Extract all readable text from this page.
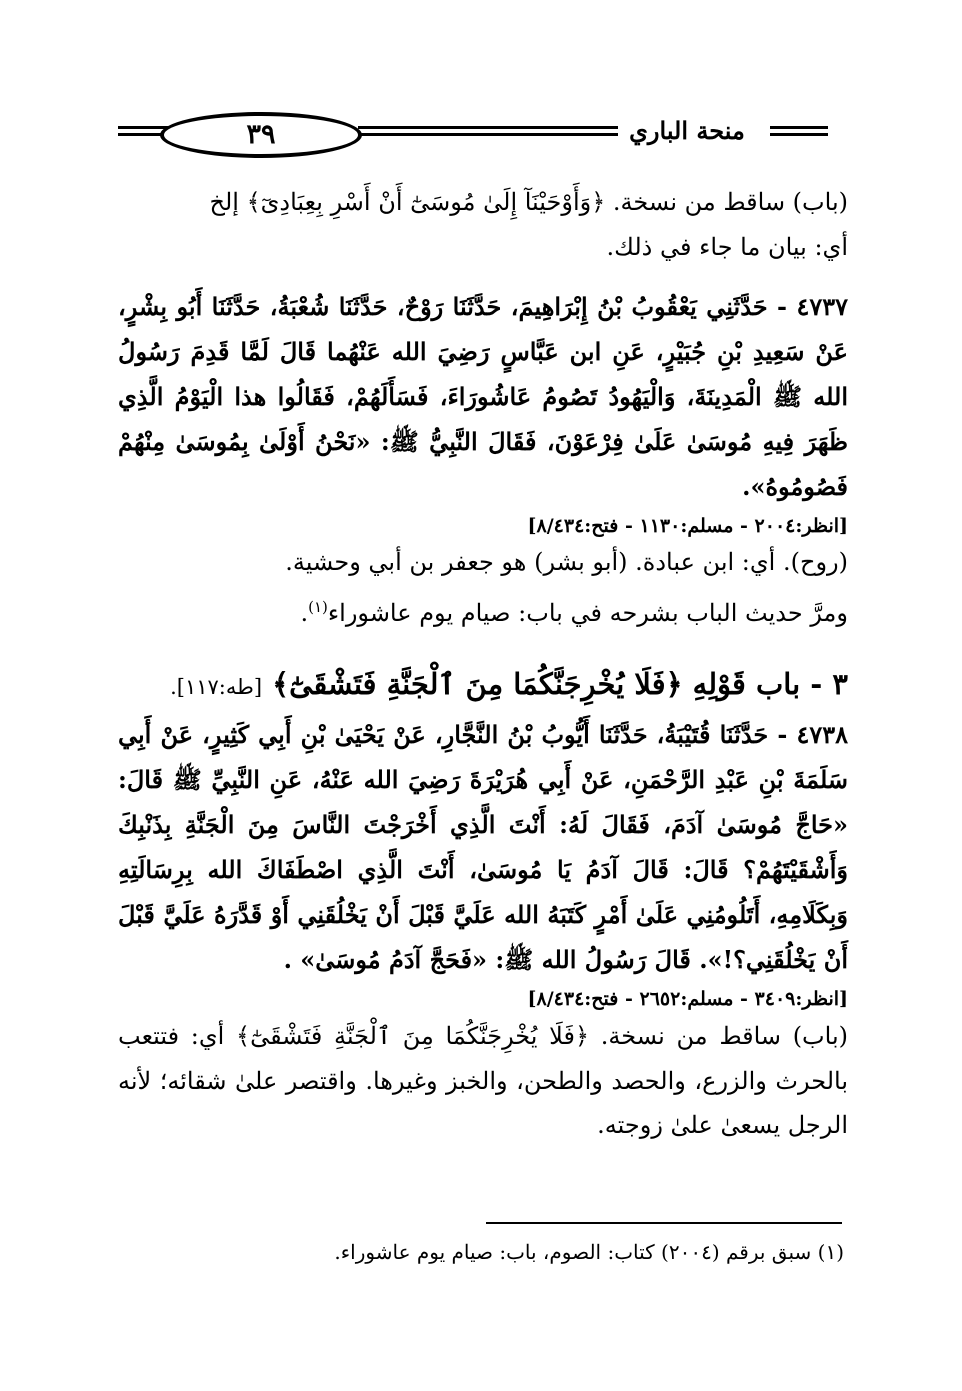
٣٩	منحة الباري

(باب) ساقط من نسخة. ﴿وَأَوْحَيْنَآ إِلَىٰ مُوسَىٰٓ أَنْ أَسْرِ بِعِبَادِىٓ﴾ إلخ

أي: بيان ما جاء في ذلك.

٤٧٣٧ - حَدَّثَنِي يَعْقُوبُ بْنُ إِبْرَاهِيمَ، حَدَّثَنَا رَوْحٌ، حَدَّثَنَا شُعْبَةُ، حَدَّثَنَا أَبُو بِشْرٍ، عَنْ سَعِيدِ بْنِ جُبَيْرٍ، عَنِ ابن عَبَّاسٍ رَضِيَ الله عَنْهُما قَالَ لَمَّا قَدِمَ رَسُولُ الله ﷺ الْمَدِينَةَ، وَالْيَهُودُ تَصُومُ عَاشُورَاءَ، فَسَأَلَهُمْ، فَقَالُوا هذا الْيَوْمُ الَّذِي ظَهَرَ فِيهِ مُوسَىٰ عَلَىٰ فِرْعَوْنَ، فَقَالَ النَّبِيُّ ﷺ: «نَحْنُ أَوْلَىٰ بِمُوسَىٰ مِنْهُمْ فَصُومُوهُ».

[انظر:٢٠٠٤ - مسلم:١١٣٠ - فتح:٨/٤٣٤]

(روح). أي: ابن عبادة. (أبو بشر) هو جعفر بن أبي وحشية.

ومرَّ حديث الباب بشرحه في باب: صيام يوم عاشوراء$^{(١)}$.

٣ - باب قَوْلِهِ ﴿فَلَا يُخْرِجَنَّكُمَا مِنَ ٱلْجَنَّةِ فَتَشْقَىٰٓ﴾ [طه:١١٧].

٤٧٣٨ - حَدَّثَنَا قُتَيْبَةُ، حَدَّثَنَا أَيُّوبُ بْنُ النَّجَّارِ، عَنْ يَحْيَىٰ بْنِ أَبِي كَثِيرٍ، عَنْ أَبِي سَلَمَةَ بْنِ عَبْدِ الرَّحْمَنِ، عَنْ أَبِي هُرَيْرَةَ رَضِيَ الله عَنْهُ، عَنِ النَّبِيِّ ﷺ قَالَ: «حَاجَّ مُوسَىٰ آدَمَ، فَقَالَ لَهُ: أَنْتَ الَّذِي أَخْرَجْتَ النَّاسَ مِنَ الْجَنَّةِ بِذَنْبِكَ وَأَشْقَيْتَهُمْ؟ قَالَ: قَالَ آدَمُ يَا مُوسَىٰ، أَنْتَ الَّذِي اصْطَفَاكَ الله بِرِسَالَتِهِ وَبِكَلَامِهِ، أَتَلُومُنِي عَلَىٰ أَمْرٍ كَتَبَهُ الله عَلَيَّ قَبْلَ أَنْ يَخْلُقَنِي أَوْ قَدَّرَهُ عَلَيَّ قَبْلَ أَنْ يَخْلُقَنِي؟!». قَالَ رَسُولُ الله ﷺ: «فَحَجَّ آدَمُ مُوسَىٰ» .

[انظر:٣٤٠٩ - مسلم:٢٦٥٢ - فتح:٨/٤٣٤]

(باب) ساقط من نسخة. ﴿فَلَا يُخْرِجَنَّكُمَا مِنَ ٱلْجَنَّةِ فَتَشْقَىٰٓ﴾ أي: فتتعب بالحرث والزرع، والحصد والطحن، والخبز وغيرها. واقتصر علىٰ شقائه؛ لأنه الرجل يسعىٰ علىٰ زوجته.

(١) سبق برقم (٢٠٠٤) كتاب: الصوم، باب: صيام يوم عاشوراء.
